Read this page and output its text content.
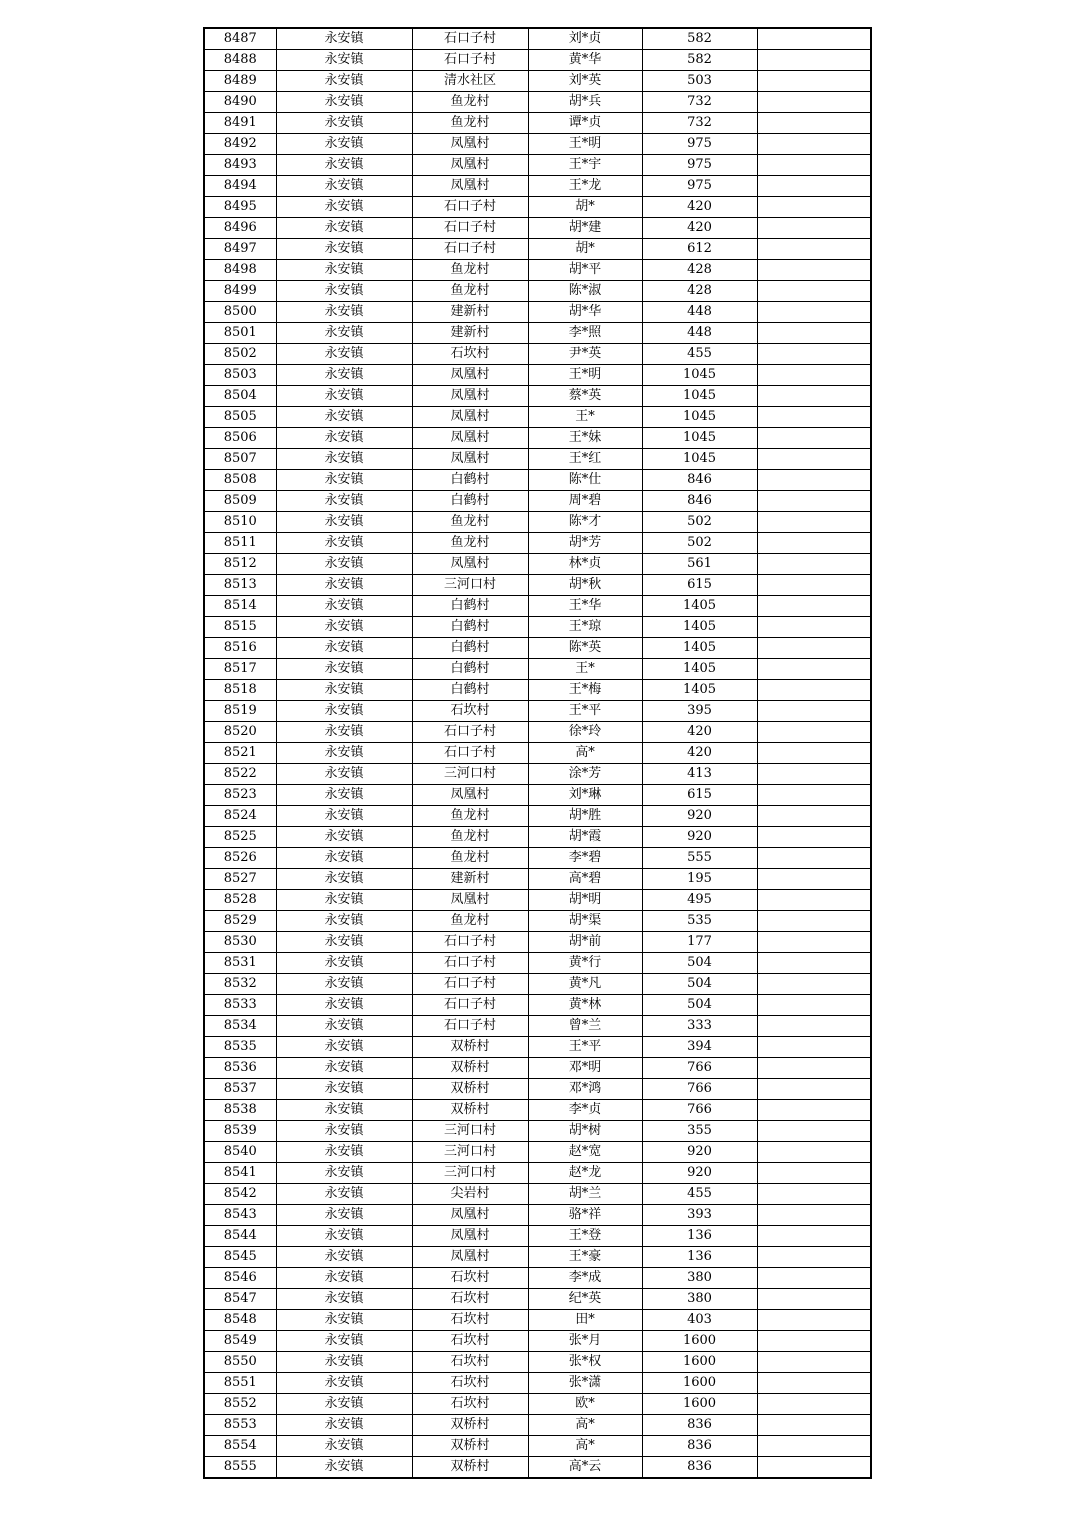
8487	永安镇	石口子村	刘*贞	582	
8488	永安镇	石口子村	黄*华	582	
8489	永安镇	清水社区	刘*英	503	
8490	永安镇	鱼龙村	胡*兵	732	
8491	永安镇	鱼龙村	谭*贞	732	
8492	永安镇	凤凰村	王*明	975	
8493	永安镇	凤凰村	王*宇	975	
8494	永安镇	凤凰村	王*龙	975	
8495	永安镇	石口子村	胡*	420	
8496	永安镇	石口子村	胡*建	420	
8497	永安镇	石口子村	胡*	612	
8498	永安镇	鱼龙村	胡*平	428	
8499	永安镇	鱼龙村	陈*淑	428	
8500	永安镇	建新村	胡*华	448	
8501	永安镇	建新村	李*照	448	
8502	永安镇	石坎村	尹*英	455	
8503	永安镇	凤凰村	王*明	1045	
8504	永安镇	凤凰村	蔡*英	1045	
8505	永安镇	凤凰村	王*	1045	
8506	永安镇	凤凰村	王*妹	1045	
8507	永安镇	凤凰村	王*红	1045	
8508	永安镇	白鹤村	陈*仕	846	
8509	永安镇	白鹤村	周*碧	846	
8510	永安镇	鱼龙村	陈*才	502	
8511	永安镇	鱼龙村	胡*芳	502	
8512	永安镇	凤凰村	林*贞	561	
8513	永安镇	三河口村	胡*秋	615	
8514	永安镇	白鹤村	王*华	1405	
8515	永安镇	白鹤村	王*琼	1405	
8516	永安镇	白鹤村	陈*英	1405	
8517	永安镇	白鹤村	王*	1405	
8518	永安镇	白鹤村	王*梅	1405	
8519	永安镇	石坎村	王*平	395	
8520	永安镇	石口子村	徐*玲	420	
8521	永安镇	石口子村	高*	420	
8522	永安镇	三河口村	涂*芳	413	
8523	永安镇	凤凰村	刘*琳	615	
8524	永安镇	鱼龙村	胡*胜	920	
8525	永安镇	鱼龙村	胡*霞	920	
8526	永安镇	鱼龙村	李*碧	555	
8527	永安镇	建新村	高*碧	195	
8528	永安镇	凤凰村	胡*明	495	
8529	永安镇	鱼龙村	胡*渠	535	
8530	永安镇	石口子村	胡*前	177	
8531	永安镇	石口子村	黄*行	504	
8532	永安镇	石口子村	黄*凡	504	
8533	永安镇	石口子村	黄*林	504	
8534	永安镇	石口子村	曾*兰	333	
8535	永安镇	双桥村	王*平	394	
8536	永安镇	双桥村	邓*明	766	
8537	永安镇	双桥村	邓*鸿	766	
8538	永安镇	双桥村	李*贞	766	
8539	永安镇	三河口村	胡*树	355	
8540	永安镇	三河口村	赵*宽	920	
8541	永安镇	三河口村	赵*龙	920	
8542	永安镇	尖岩村	胡*兰	455	
8543	永安镇	凤凰村	骆*祥	393	
8544	永安镇	凤凰村	王*登	136	
8545	永安镇	凤凰村	王*豪	136	
8546	永安镇	石坎村	李*成	380	
8547	永安镇	石坎村	纪*英	380	
8548	永安镇	石坎村	田*	403	
8549	永安镇	石坎村	张*月	1600	
8550	永安镇	石坎村	张*权	1600	
8551	永安镇	石坎村	张*潇	1600	
8552	永安镇	石坎村	欧*	1600	
8553	永安镇	双桥村	高*	836	
8554	永安镇	双桥村	高*	836	
8555	永安镇	双桥村	高*云	836	
